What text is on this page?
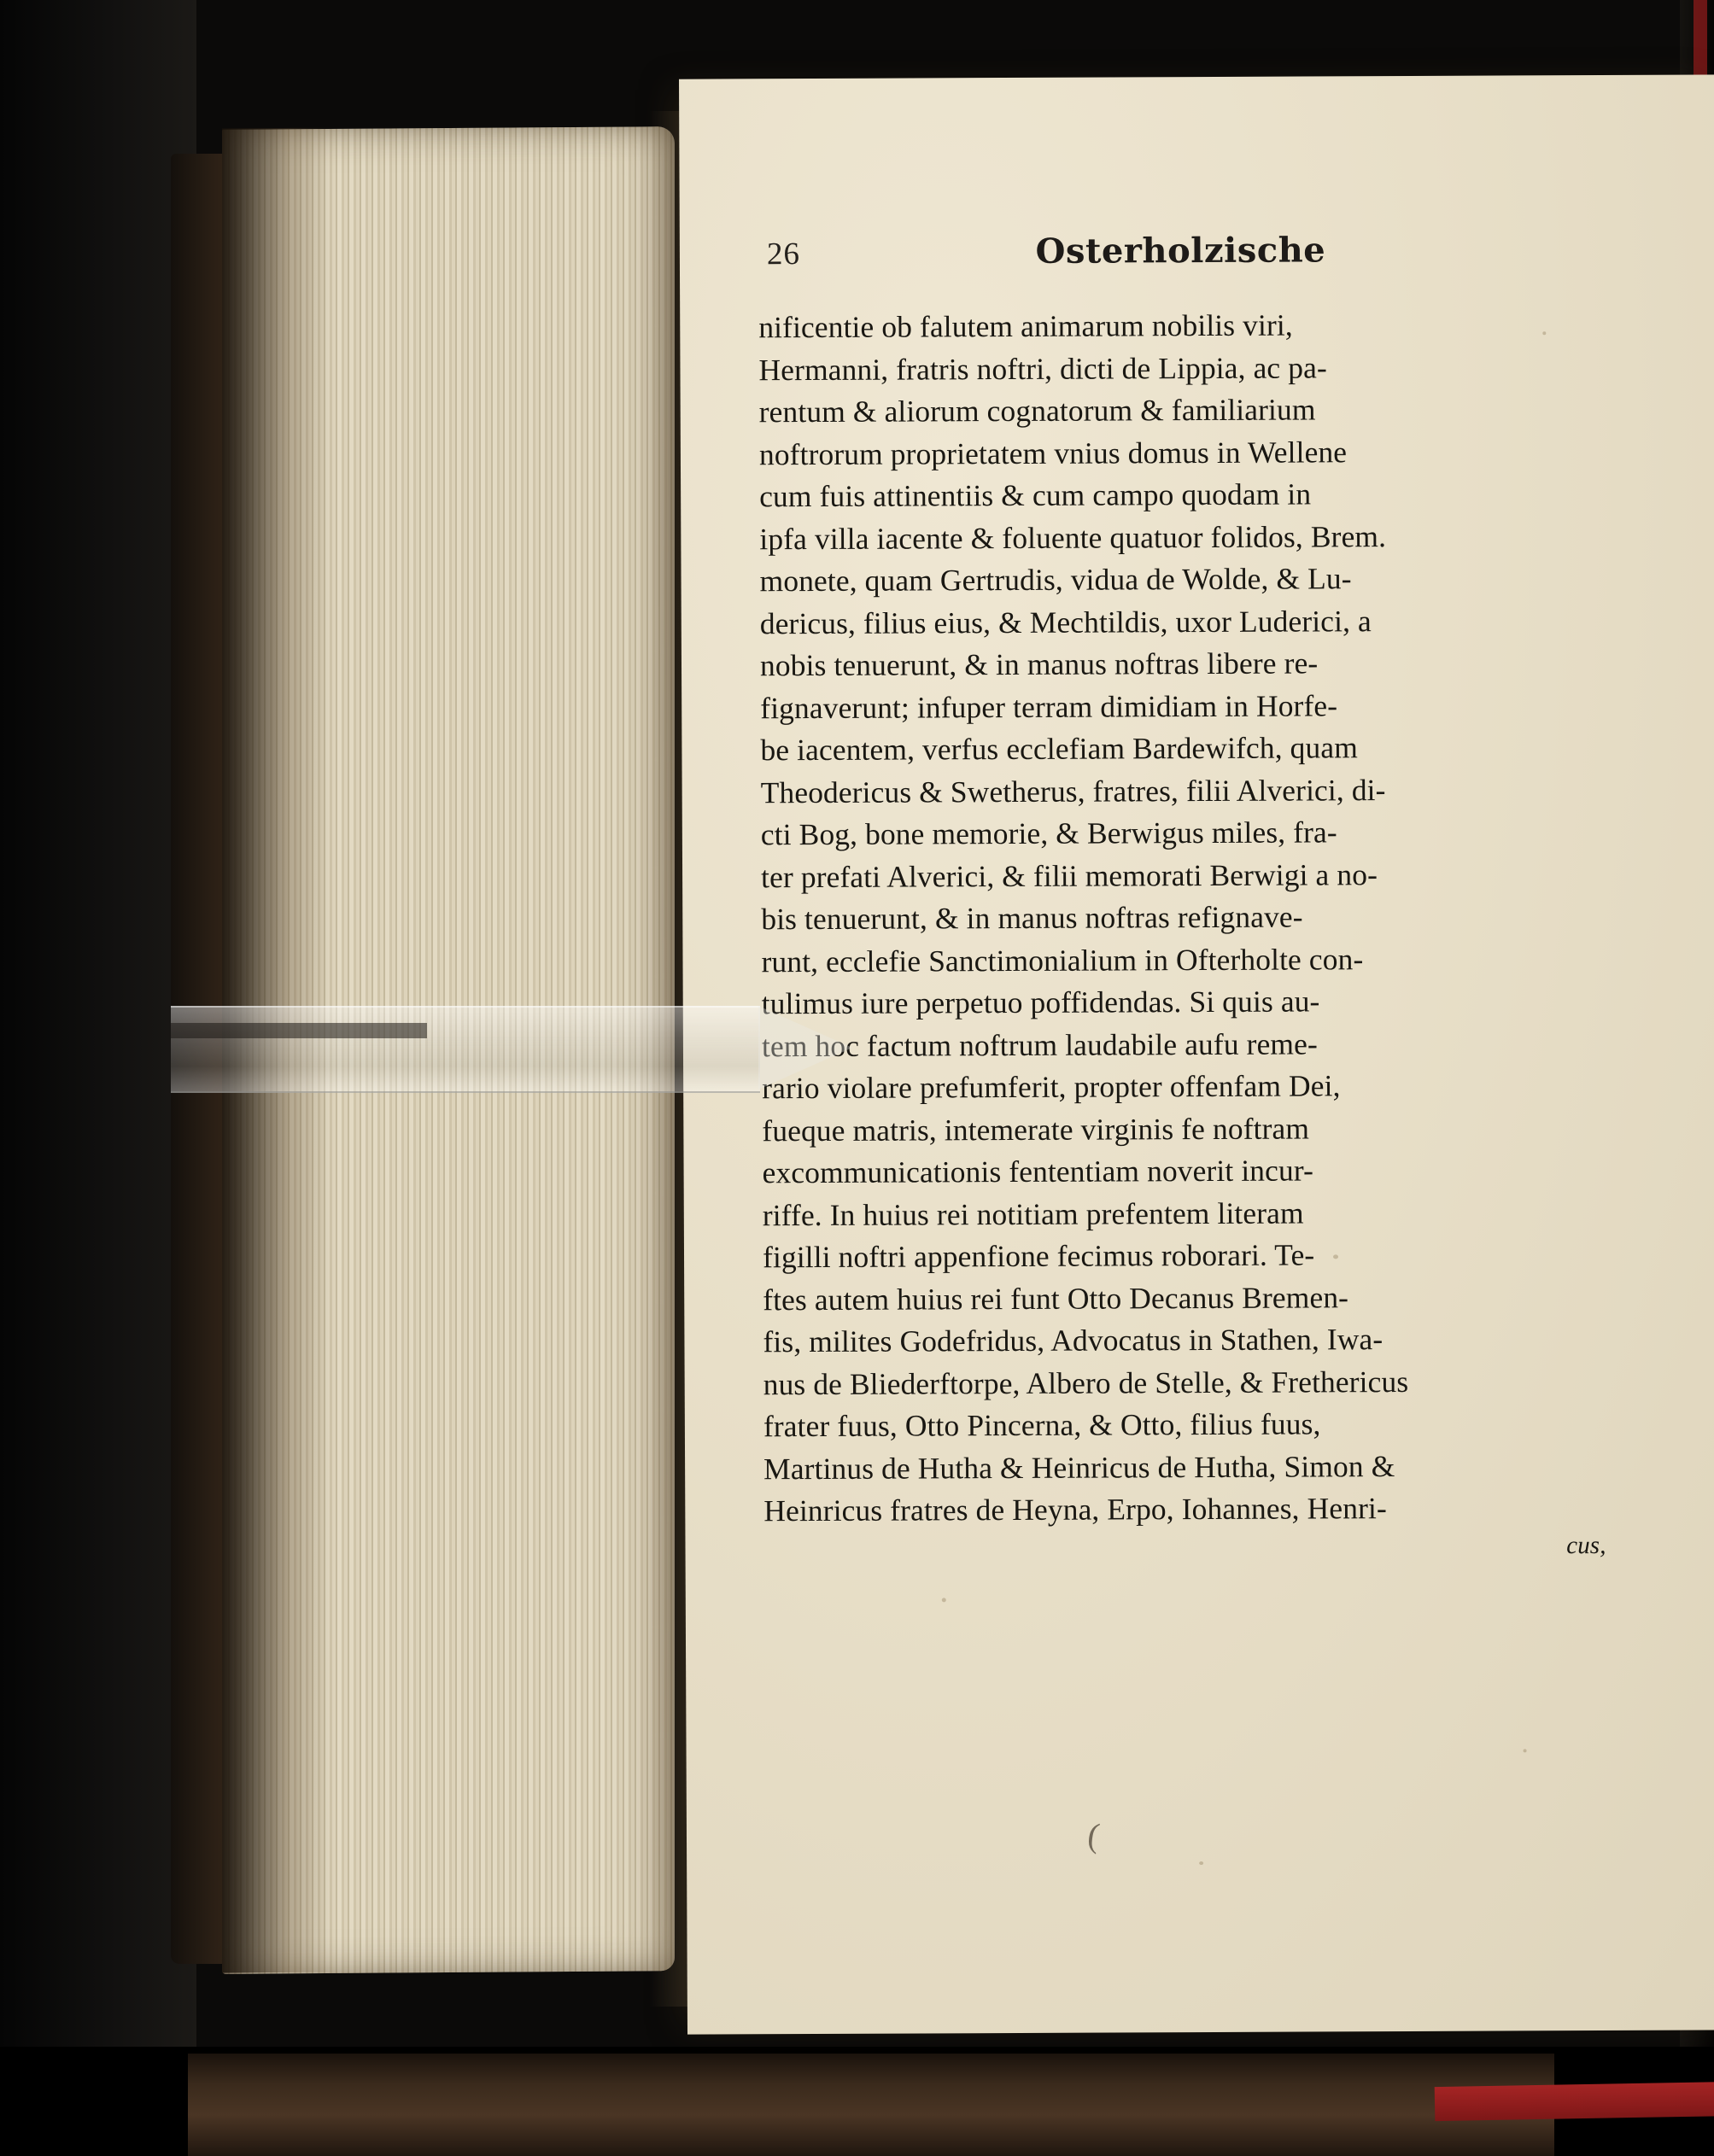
26	Osterholzische
nificentie ob falutem animarum nobilis viri,
Hermanni, fratris noftri, dicti de Lippia, ac pa-
rentum & aliorum cognatorum & familiarium
noftrorum proprietatem vnius domus in Wellene
cum fuis attinentiis & cum campo quodam in
ipfa villa iacente & foluente quatuor folidos, Brem.
monete, quam Gertrudis, vidua de Wolde, & Lu-
dericus, filius eius, & Mechtildis, uxor Luderici, a
nobis tenuerunt, & in manus noftras libere re-
fignaverunt; infuper terram dimidiam in Horfe-
be iacentem, verfus ecclefiam Bardewifch, quam
Theodericus & Swetherus, fratres, filii Alverici, di-
cti Bog, bone memorie, & Berwigus miles, fra-
ter prefati Alverici, & filii memorati Berwigi a no-
bis tenuerunt, & in manus noftras refignave-
runt, ecclefie Sanctimonialium in Ofterholte con-
tulimus iure perpetuo poffidendas. Si quis au-
tem hoc factum noftrum laudabile aufu reme-
rario violare prefumferit, propter offenfam Dei,
fueque matris, intemerate virginis fe noftram
excommunicationis fententiam noverit incur-
riffe. In huius rei notitiam prefentem literam
figilli noftri appenfione fecimus roborari. Te-
ftes autem huius rei funt Otto Decanus Bremen-
fis, milites Godefridus, Advocatus in Stathen, Iwa-
nus de Bliederftorpe, Albero de Stelle, & Frethericus
frater fuus, Otto Pincerna, & Otto, filius fuus,
Martinus de Hutha & Heinricus de Hutha, Simon &
Heinricus fratres de Heyna, Erpo, Iohannes, Henri-
cus,
(
